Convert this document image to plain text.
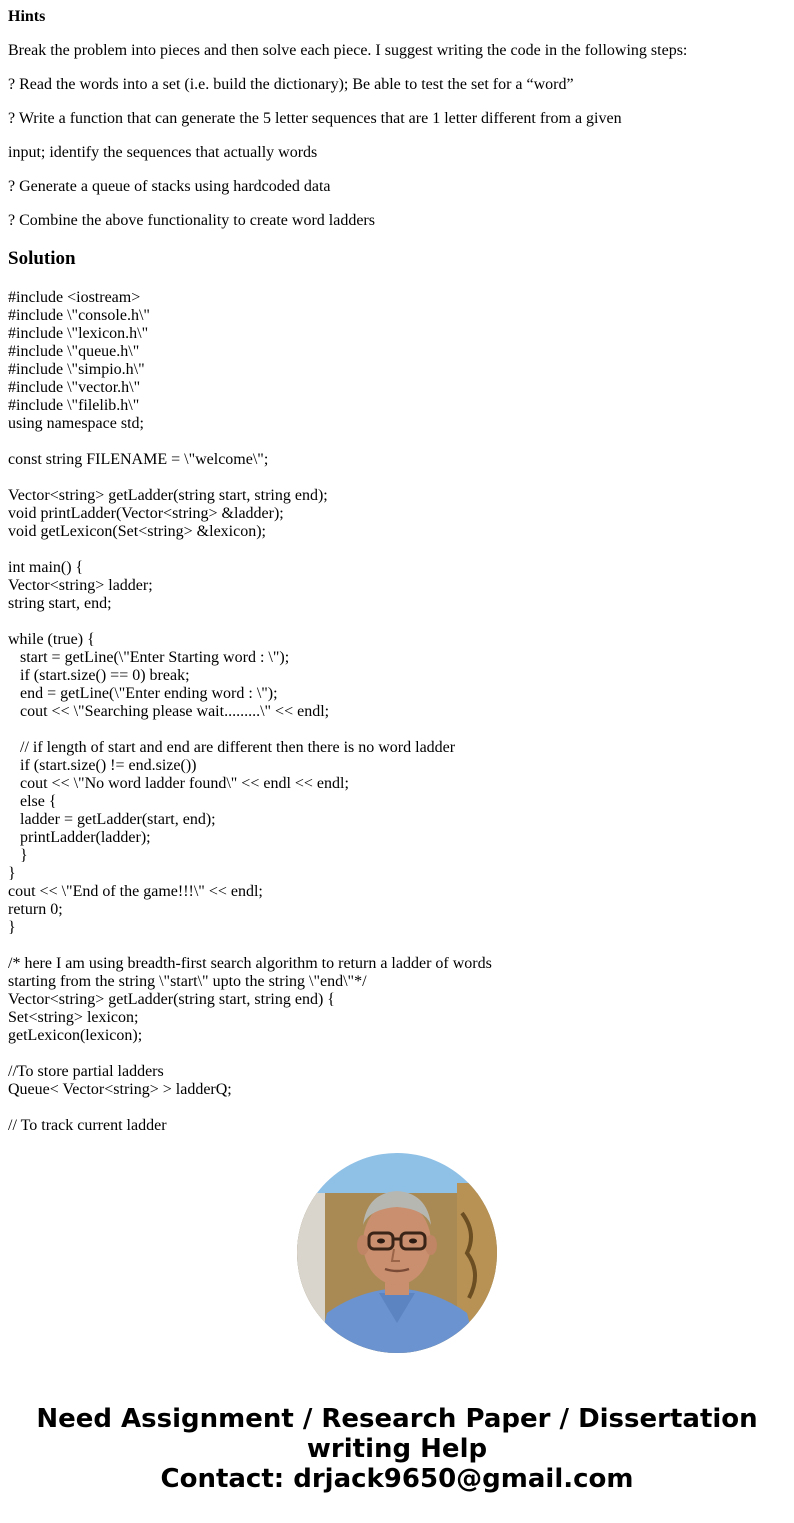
Hints

Break the problem into pieces and then solve each piece. I suggest writing the code in the following steps:

? Read the words into a set (i.e. build the dictionary); Be able to test the set for a “word”

? Write a function that can generate the 5 letter sequences that are 1 letter different from a given

input; identify the sequences that actually words

? Generate a queue of stacks using hardcoded data

? Combine the above functionality to create word ladders

Solution
#include <iostream>
#include \"console.h\"
#include \"lexicon.h\"
#include \"queue.h\"
#include \"simpio.h\"
#include \"vector.h\"
#include \"filelib.h\"
using namespace std;
const string FILENAME = \"welcome\";
Vector<string> getLadder(string start, string end);
void printLadder(Vector<string> &ladder);
void getLexicon(Set<string> &lexicon);
int main() {
Vector<string> ladder;
string start, end;
while (true) {
start = getLine(\"Enter Starting word : \");
if (start.size() == 0) break;
end = getLine(\"Enter ending word : \");
cout << \"Searching please wait.........\" << endl;
// if length of start and end are different then there is no word ladder
if (start.size() != end.size())
cout << \"No word ladder found\" << endl << endl;
else {
ladder = getLadder(start, end);
printLadder(ladder);
}
}
cout << \"End of the game!!!\" << endl;
return 0;
}
/* here I am using breadth-first search algorithm to return a ladder of words
starting from the string \"start\" upto the string \"end\"*/
Vector<string> getLadder(string start, string end) {
Set<string> lexicon;
getLexicon(lexicon);
//To store partial ladders
Queue< Vector<string> > ladderQ;
// To track current ladder
Need Assignment / Research Paper / Dissertation
writing Help
Contact: drjack9650@gmail.com
